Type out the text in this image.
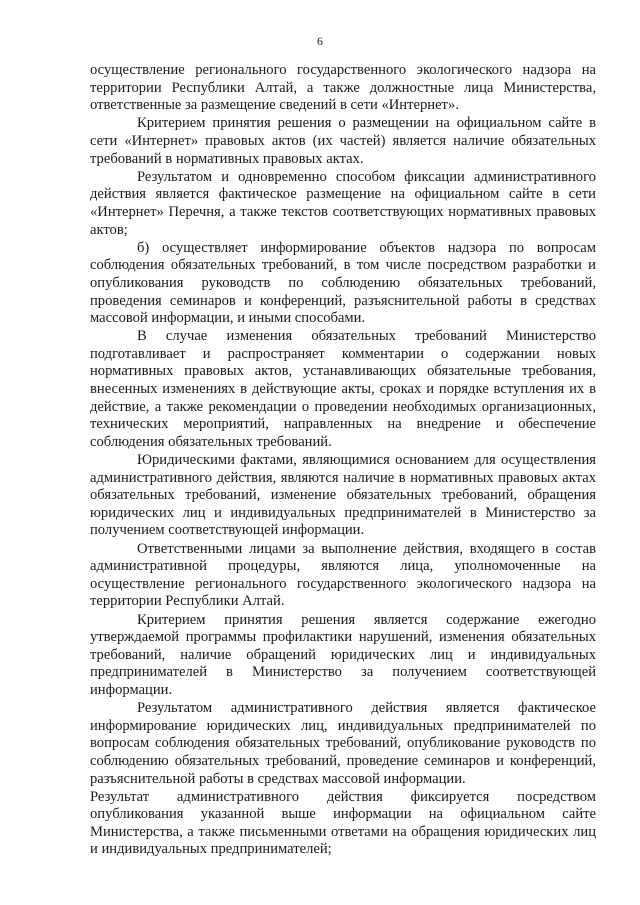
6

осуществление регионального государственного экологического надзора на территории Республики Алтай, а также должностные лица Министерства, ответственные за размещение сведений в сети «Интернет».

Критерием принятия решения о размещении на официальном сайте в сети «Интернет» правовых актов (их частей) является наличие обязательных требований в нормативных правовых актах.

Результатом и одновременно способом фиксации административного действия является фактическое размещение на официальном сайте в сети «Интернет» Перечня, а также текстов соответствующих нормативных правовых актов;

б) осуществляет информирование объектов надзора по вопросам соблюдения обязательных требований, в том числе посредством разработки и опубликования руководств по соблюдению обязательных требований, проведения семинаров и конференций, разъяснительной работы в средствах массовой информации, и иными способами.

В случае изменения обязательных требований Министерство подготавливает и распространяет комментарии о содержании новых нормативных правовых актов, устанавливающих обязательные требования, внесенных изменениях в действующие акты, сроках и порядке вступления их в действие, а также рекомендации о проведении необходимых организационных, технических мероприятий, направленных на внедрение и обеспечение соблюдения обязательных требований.

Юридическими фактами, являющимися основанием для осуществления административного действия, являются наличие в нормативных правовых актах обязательных требований, изменение обязательных требований, обращения юридических лиц и индивидуальных предпринимателей в Министерство за получением соответствующей информации.

Ответственными лицами за выполнение действия, входящего в состав административной процедуры, являются лица, уполномоченные на осуществление регионального государственного экологического надзора на территории Республики Алтай.

Критерием принятия решения является содержание ежегодно утверждаемой программы профилактики нарушений, изменения обязательных требований, наличие обращений юридических лиц и индивидуальных предпринимателей в Министерство за получением соответствующей информации.

Результатом административного действия является фактическое информирование юридических лиц, индивидуальных предпринимателей по вопросам соблюдения обязательных требований, опубликование руководств по соблюдению обязательных требований, проведение семинаров и конференций, разъяснительной работы в средствах массовой информации.

Результат административного действия фиксируется посредством опубликования указанной выше информации на официальном сайте Министерства, а также письменными ответами на обращения юридических лиц и индивидуальных предпринимателей;
